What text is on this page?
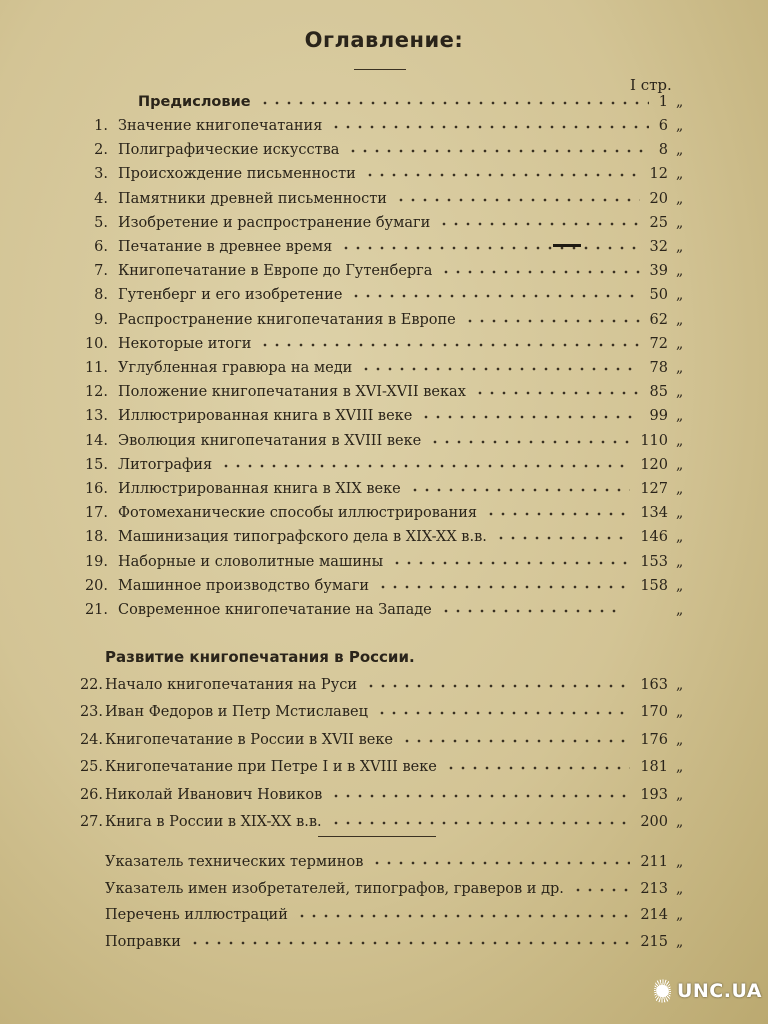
Оглавление:
I стр.
Предисловие	1 „
1. Значение книгопечатания	6 „
2. Полиграфические искусства	8 „
3. Происхождение письменности	12 „
4. Памятники древней письменности	20 „
5. Изобретение и распространение бумаги	25 „
6. Печатание в древнее время	32 „
7. Книгопечатание в Европе до Гутенберга	39 „
8. Гутенберг и его изобретение	50 „
9. Распространение книгопечатания в Европе	62 „
10. Некоторые итоги	72 „
11. Углубленная гравюра на меди	78 „
12. Положение книгопечатания в XVI-XVII веках	85 „
13. Иллюстрированная книга в XVIII веке	99 „
14. Эволюция книгопечатания в XVIII веке	110 „
15. Литография	120 „
16. Иллюстрированная книга в XIX веке	127 „
17. Фотомеханические способы иллюстрирования	134 „
18. Машинизация типографского дела в XIX-XX в.в.	146 „
19. Наборные и словолитные машины	153 „
20. Машинное производство бумаги	158 „
21. Современное книгопечатание на Западе	„
Развитие книгопечатания в России.
22. Начало книгопечатания на Руси	163 „
23. Иван Федоров и Петр Мстиславец	170 „
24. Книгопечатание в России в XVII веке	176 „
25. Книгопечатание при Петре I и в XVIII веке	181 „
26. Николай Иванович Новиков	193 „
27. Книга в России в XIX-XX в.в.	200 „
Указатель технических терминов	211 „
Указатель имен изобретателей, типографов, граверов и др.	213 „
Перечень иллюстраций	214 „
Поправки	215 „
UNC.UA
